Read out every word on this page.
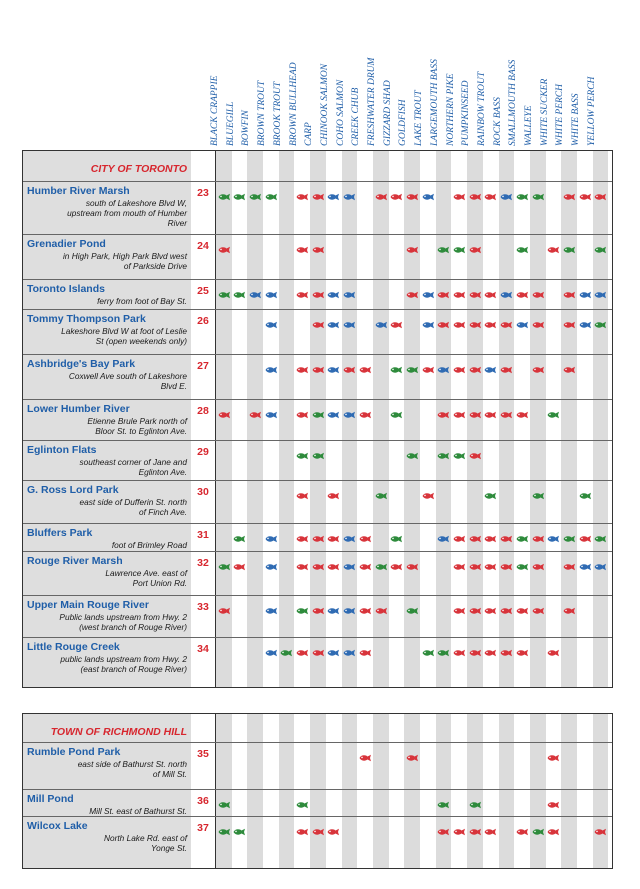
BLACK CRAPPIE BLUEGILL BOWFIN BROWN TROUT BROOK TROUT BROWN BULLHEAD CARP CHINOOK SALMON COHO SALMON CREEK CHUB FRESHWATER DRUM GIZZARD SHAD GOLDFISH LAKE TROUT LARGEMOUTH BASS NORTHERN PIKE PUMPKINSEED RAINBOW TROUT ROCK BASS SMALLMOUTH BASS WALLEYE WHITE SUCKER WHITE PERCH WHITE BASS YELLOW PERCH
CITY OF TORONTO
Humber River Marsh
south of Lakeshore Blvd W,
upstream from mouth of Humber
River
23
Grenadier Pond
in High Park, High Park Blvd west
of Parkside Drive
24
Toronto Islands
ferry from foot of Bay St.
25
Tommy Thompson Park
Lakeshore Blvd W at foot of Leslie
St (open weekends only)
26
Ashbridge's Bay Park
Coxwell Ave south of Lakeshore
Blvd E.
27
Lower Humber River
Etienne Brule Park north of
Bloor St. to Eglinton Ave.
28
Eglinton Flats
southeast corner of Jane and
Eglinton Ave.
29
G. Ross Lord Park
east side of Dufferin St. north
of Finch Ave.
30
Bluffers Park
foot of Brimley Road
31
Rouge River Marsh
Lawrence Ave. east of
Port Union Rd.
32
Upper Main Rouge River
Public lands upstream from Hwy. 2
(west branch of Rouge River)
33
Little Rouge Creek
public lands upstream from Hwy. 2
(east branch of Rouge River)
34
TOWN OF RICHMOND HILL
Rumble Pond Park
east side of Bathurst St. north
of Mill St.
35
Mill Pond
Mill St. east of Bathurst St.
36
Wilcox Lake
North Lake Rd. east of
Yonge St.
37
